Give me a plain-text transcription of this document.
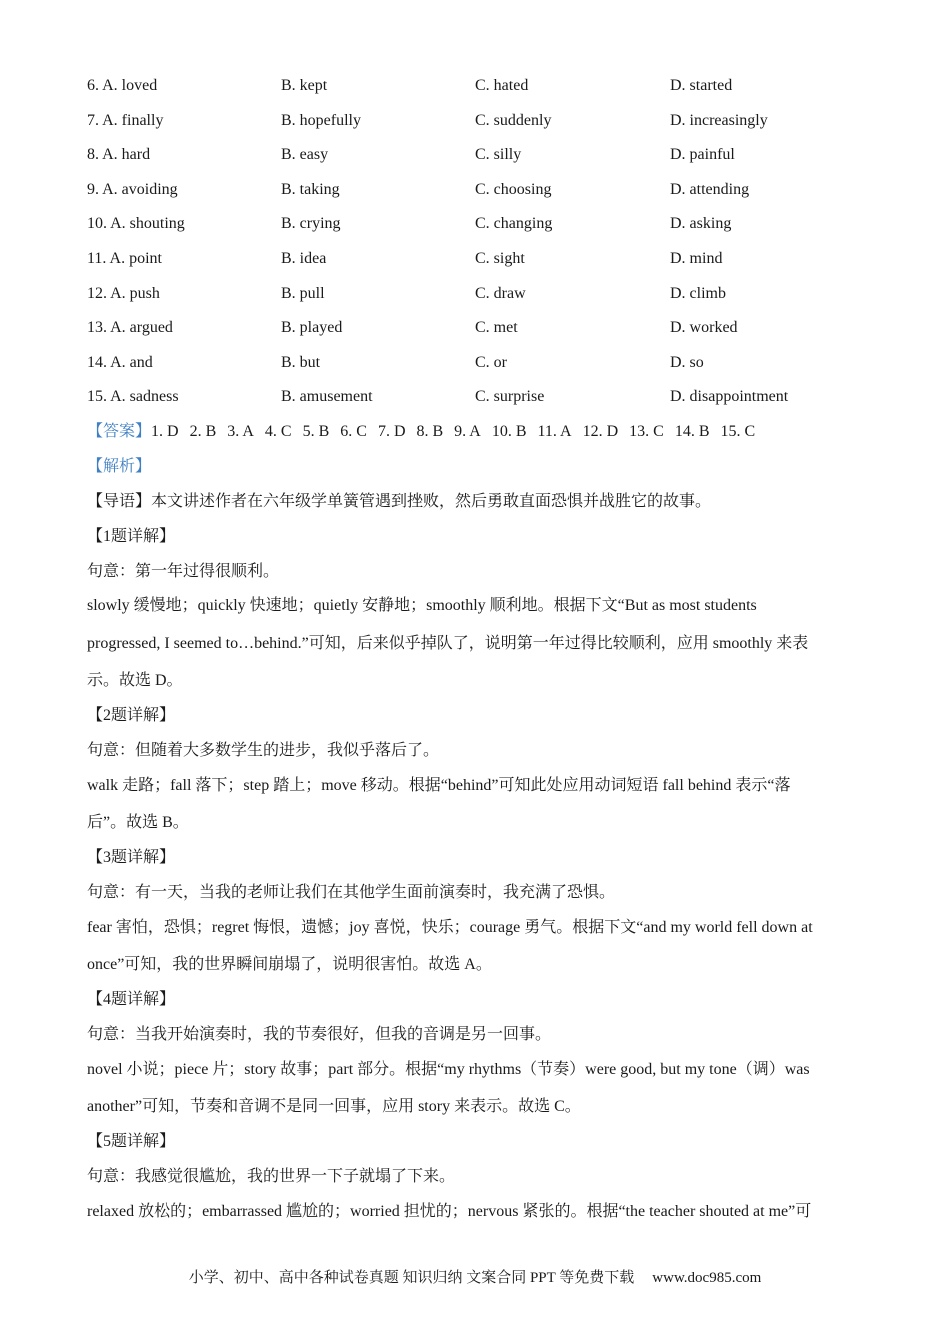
6. A. loved	B. kept	C. hated	D. started
7. A. finally	B. hopefully	C. suddenly	D. increasingly
8. A. hard	B. easy	C. silly	D. painful
9. A. avoiding	B. taking	C. choosing	D. attending
10. A. shouting	B. crying	C. changing	D. asking
11. A. point	B. idea	C. sight	D. mind
12. A. push	B. pull	C. draw	D. climb
13. A. argued	B. played	C. met	D. worked
14. A. and	B. but	C. or	D. so
15. A. sadness	B. amusement	C. surprise	D. disappointment
【答案】1. D 2. B 3. A 4. C 5. B 6. C 7. D 8. B 9. A 10. B 11. A 12. D 13. C 14. B 15. C
【解析】
【导语】本文讲述作者在六年级学单簧管遇到挫败，然后勇敢直面恐惧并战胜它的故事。
【1题详解】
句意：第一年过得很顺利。
slowly 缓慢地；quickly 快速地；quietly 安静地；smoothly 顺利地。根据下文“But as most students
progressed, I seemed to…behind.”可知，后来似乎掉队了，说明第一年过得比较顺利，应用 smoothly 来表
示。故选 D。
【2题详解】
句意：但随着大多数学生的进步，我似乎落后了。
walk 走路；fall 落下；step 踏上；move 移动。根据“behind”可知此处应用动词短语 fall behind 表示“落
后”。故选 B。
【3题详解】
句意：有一天，当我的老师让我们在其他学生面前演奏时，我充满了恐惧。
fear 害怕，恐惧；regret 悔恨，遗憾；joy 喜悦，快乐；courage 勇气。根据下文“and my world fell down at
once”可知，我的世界瞬间崩塌了，说明很害怕。故选 A。
【4题详解】
句意：当我开始演奏时，我的节奏很好，但我的音调是另一回事。
novel 小说；piece 片；story 故事；part 部分。根据“my rhythms（节奏）were good, but my tone（调）was
another”可知，节奏和音调不是同一回事，应用 story 来表示。故选 C。
【5题详解】
句意：我感觉很尴尬，我的世界一下子就塌了下来。
relaxed 放松的；embarrassed 尴尬的；worried 担忧的；nervous 紧张的。根据“the teacher shouted at me”可
小学、初中、高中各种试卷真题 知识归纳 文案合同 PPT 等免费下载 www.doc985.com
